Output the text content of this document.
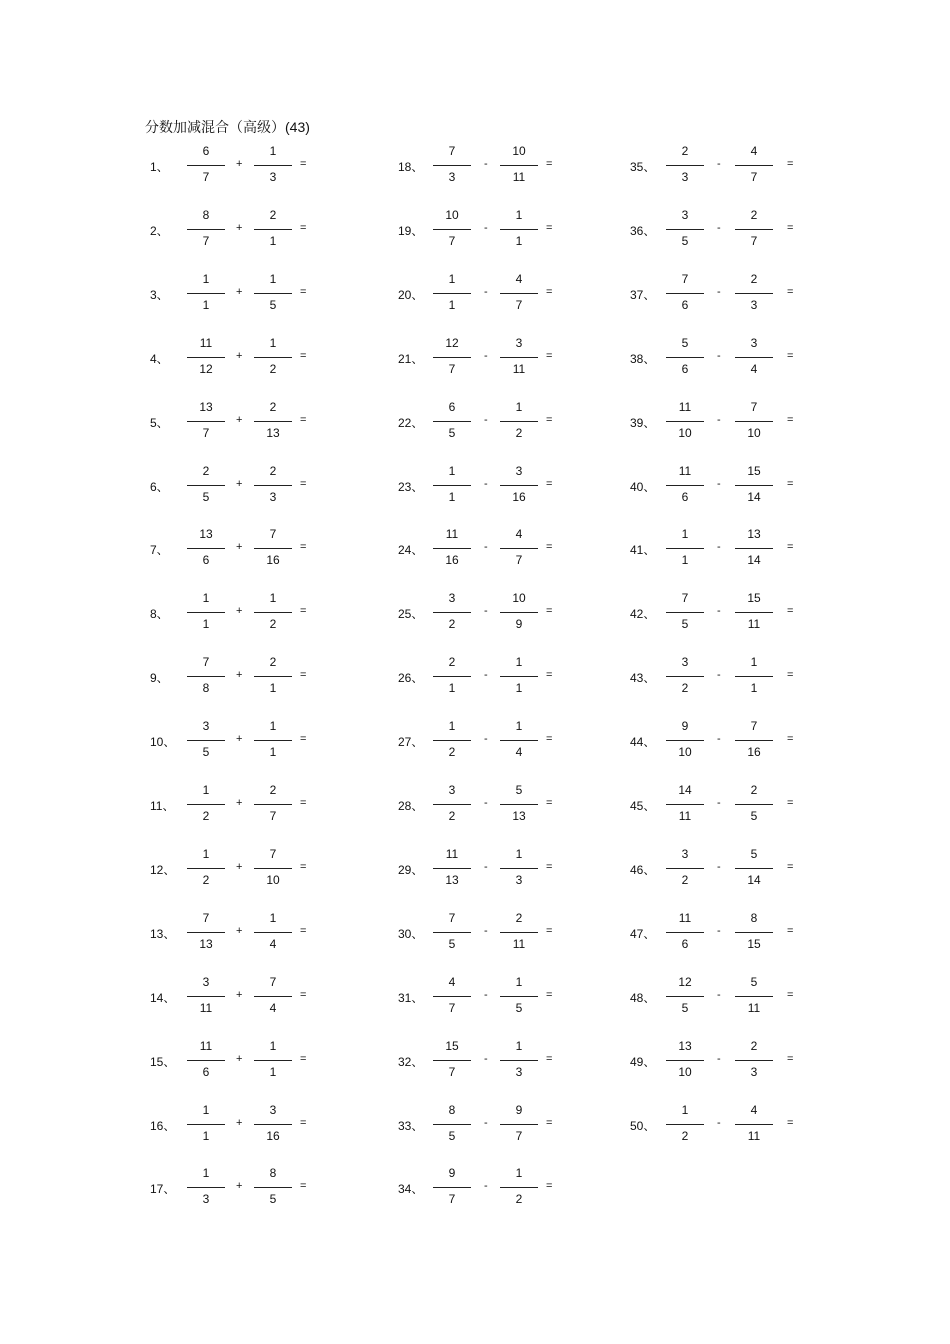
分数加减混合（高级）(43)
1、
6
7
+
1
3
=
2、
8
7
+
2
1
=
3、
1
1
+
1
5
=
4、
11
12
+
1
2
=
5、
13
7
+
2
13
=
6、
2
5
+
2
3
=
7、
13
6
+
7
16
=
8、
1
1
+
1
2
=
9、
7
8
+
2
1
=
10、
3
5
+
1
1
=
11、
1
2
+
2
7
=
12、
1
2
+
7
10
=
13、
7
13
+
1
4
=
14、
3
11
+
7
4
=
15、
11
6
+
1
1
=
16、
1
1
+
3
16
=
17、
1
3
+
8
5
=
18、
7
3
-
10
11
=
19、
10
7
-
1
1
=
20、
1
1
-
4
7
=
21、
12
7
-
3
11
=
22、
6
5
-
1
2
=
23、
1
1
-
3
16
=
24、
11
16
-
4
7
=
25、
3
2
-
10
9
=
26、
2
1
-
1
1
=
27、
1
2
-
1
4
=
28、
3
2
-
5
13
=
29、
11
13
-
1
3
=
30、
7
5
-
2
11
=
31、
4
7
-
1
5
=
32、
15
7
-
1
3
=
33、
8
5
-
9
7
=
34、
9
7
-
1
2
=
35、
2
3
-
4
7
=
36、
3
5
-
2
7
=
37、
7
6
-
2
3
=
38、
5
6
-
3
4
=
39、
11
10
-
7
10
=
40、
11
6
-
15
14
=
41、
1
1
-
13
14
=
42、
7
5
-
15
11
=
43、
3
2
-
1
1
=
44、
9
10
-
7
16
=
45、
14
11
-
2
5
=
46、
3
2
-
5
14
=
47、
11
6
-
8
15
=
48、
12
5
-
5
11
=
49、
13
10
-
2
3
=
50、
1
2
-
4
11
=
